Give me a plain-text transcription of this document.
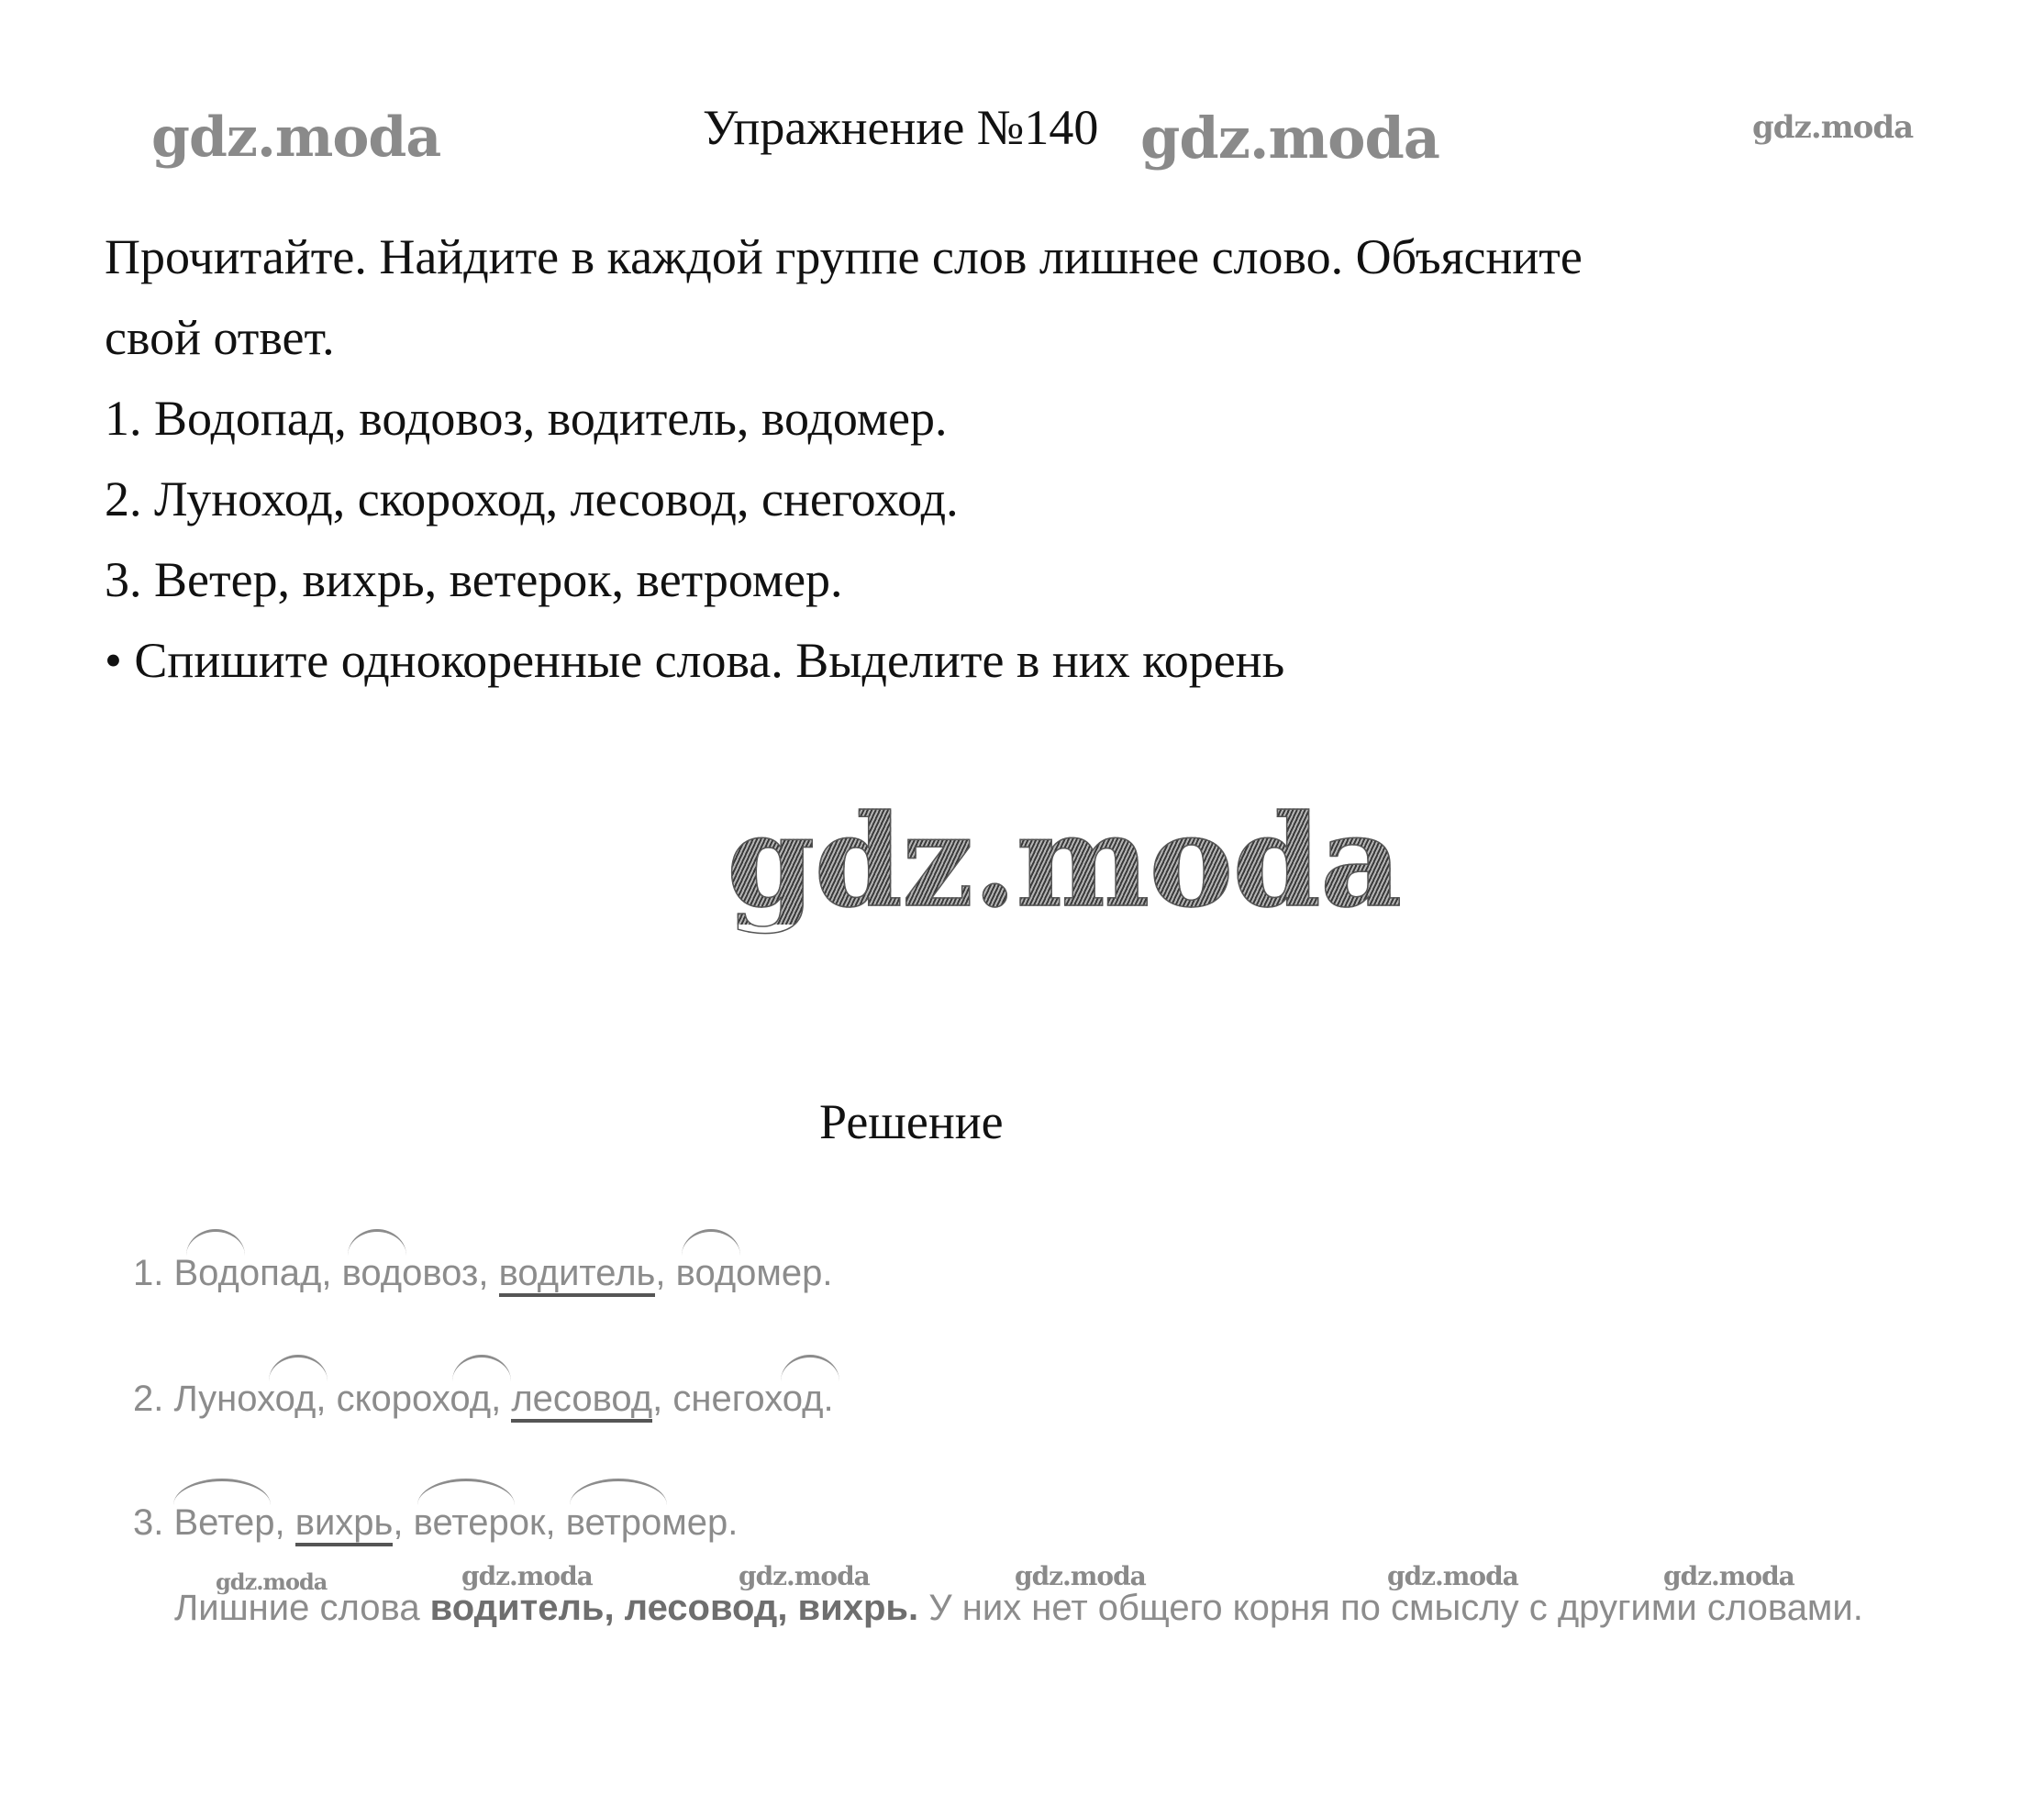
gdz.moda	gdz.moda	gdz.moda
gdz.moda
gdz.moda	gdz.moda	gdz.moda	gdz.moda	gdz.moda	gdz.moda
Упражнение №140

Прочитайте. Найдите в каждой группе слов лишнее слово. Объясните

свой ответ.

1. Водопад, водовоз, водитель, водомер.

2. Луноход, скороход, лесовод, снегоход.

3. Ветер, вихрь, ветерок, ветромер.

• Спишите однокоренные слова. Выделите в них корень

Решение
1. Водопад, водовоз, водитель, водомер.
2. Луноход, скороход, лесовод, снегоход.
3. Ветер, вихрь, ветерок, ветромер.
Лишние слова водитель, лесовод, вихрь. У них нет общего корня по смыслу с другими словами.
